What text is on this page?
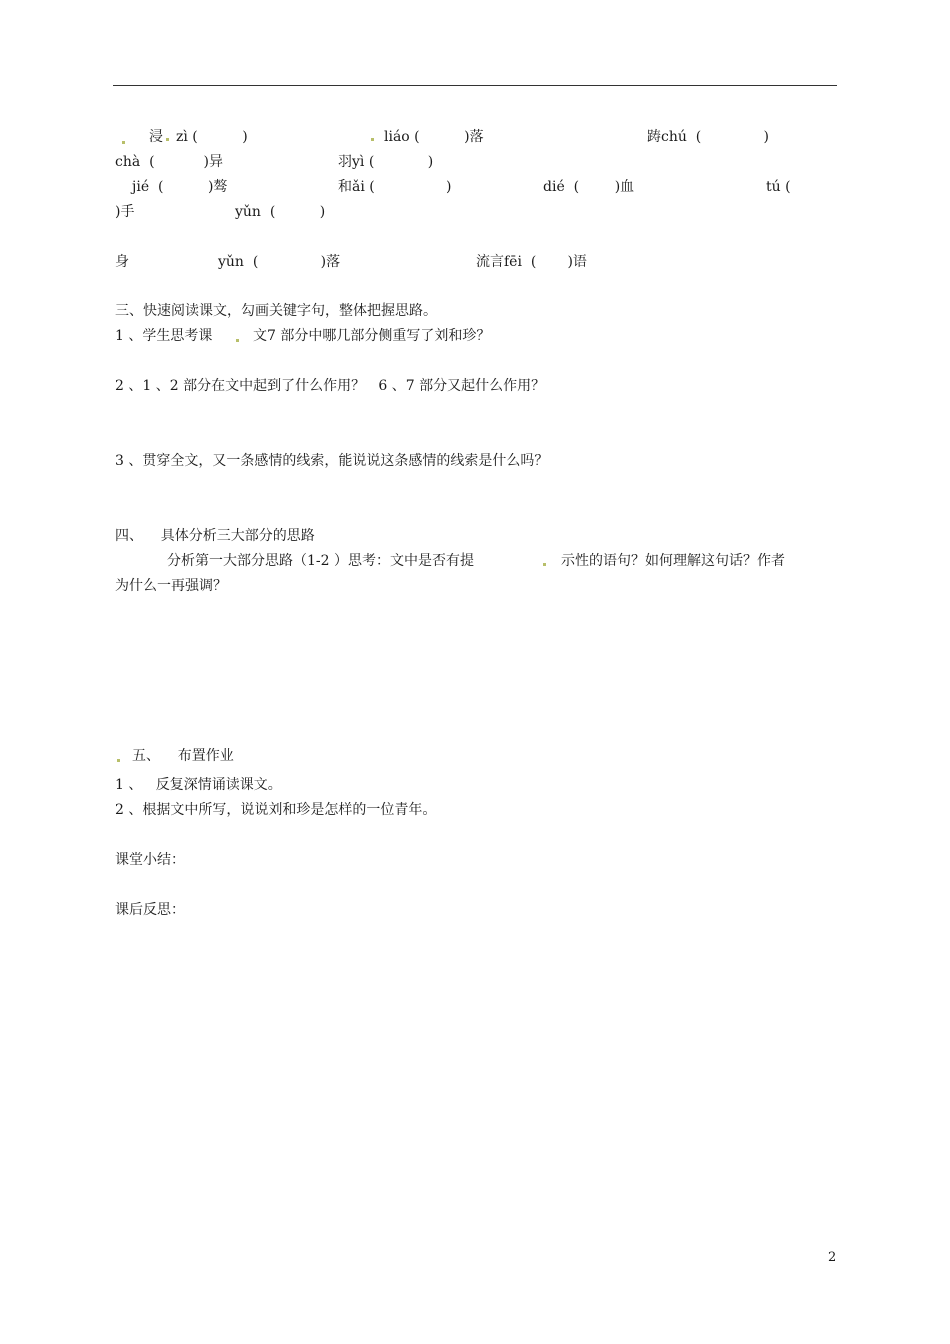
浸 zì (          )	liáo (          )落	踌chú  (              )
chà  (           )异	羽yì (            )
jié  (          )骜	和ǎi (                )	dié  (        )血	tú (
)手	yǔn  (          )
身	yǔn  (              )落	流言fēi  (       )语
三、快速阅读课文，勾画关键字句，整体把握思路。
1 、学生思考课	文7 部分中哪几部分侧重写了刘和珍？
2 、1 、2 部分在文中起到了什么作用？   6 、7 部分又起什么作用？
3 、贯穿全文，又一条感情的线索，能说说这条感情的线索是什么吗？
四、    具体分析三大部分的思路
分析第一大部分思路（1-2 ）思考：文中是否有提	示性的语句？如何理解这句话？作者
为什么一再强调？
五、    布置作业
1 、   反复深情诵读课文。
2 、根据文中所写，说说刘和珍是怎样的一位青年。
课堂小结：
课后反思：
2
